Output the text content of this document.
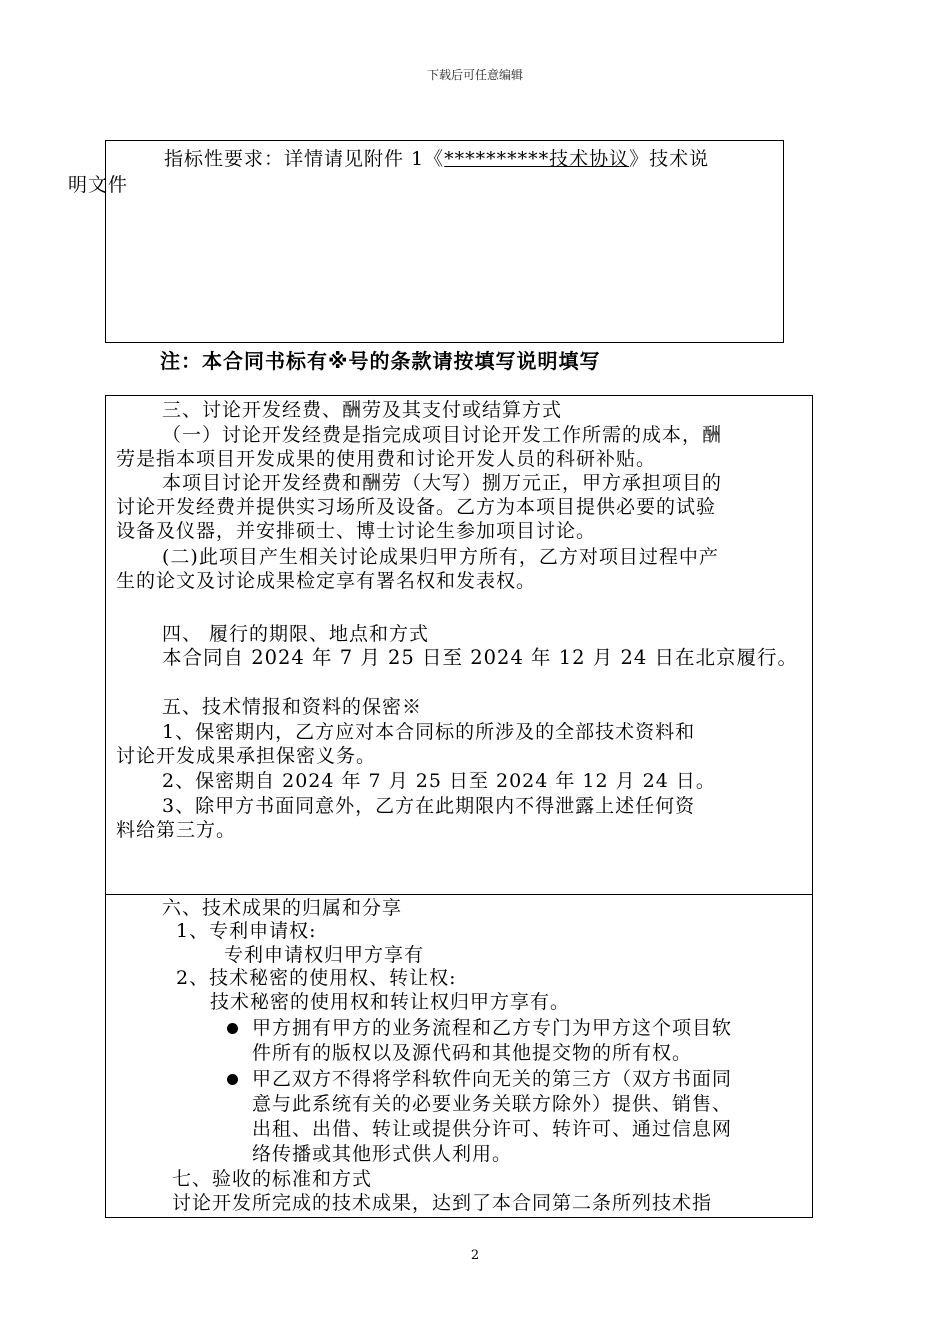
下载后可任意编辑
指标性要求：详情请见附件 1《**********技术协议》技术说
明文件
注：本合同书标有※号的条款请按填写说明填写
三、讨论开发经费、酬劳及其支付或结算方式
（一）讨论开发经费是指完成项目讨论开发工作所需的成本，酬
劳是指本项目开发成果的使用费和讨论开发人员的科研补贴。
本项目讨论开发经费和酬劳（大写）捌万元正，甲方承担项目的
讨论开发经费并提供实习场所及设备。乙方为本项目提供必要的试验
设备及仪器，并安排硕士、博士讨论生参加项目讨论。
(二)此项目产生相关讨论成果归甲方所有，乙方对项目过程中产
生的论文及讨论成果检定享有署名权和发表权。
四、 履行的期限、地点和方式
本合同自 2024 年 7 月 25 日至 2024 年 12 月 24 日在北京履行。
五、技术情报和资料的保密※
1、保密期内，乙方应对本合同标的所涉及的全部技术资料和
讨论开发成果承担保密义务。
2、保密期自 2024 年 7 月 25 日至 2024 年 12 月 24 日。
3、除甲方书面同意外，乙方在此期限内不得泄露上述任何资
料给第三方。
六、技术成果的归属和分享
1、专利申请权:
专利申请权归甲方享有
2、技术秘密的使用权、转让权:
技术秘密的使用权和转让权归甲方享有。
甲方拥有甲方的业务流程和乙方专门为甲方这个项目软
件所有的版权以及源代码和其他提交物的所有权。
甲乙双方不得将学科软件向无关的第三方（双方书面同
意与此系统有关的必要业务关联方除外）提供、销售、
出租、出借、转让或提供分许可、转许可、通过信息网
络传播或其他形式供人利用。
七、验收的标准和方式
讨论开发所完成的技术成果，达到了本合同第二条所列技术指
2
